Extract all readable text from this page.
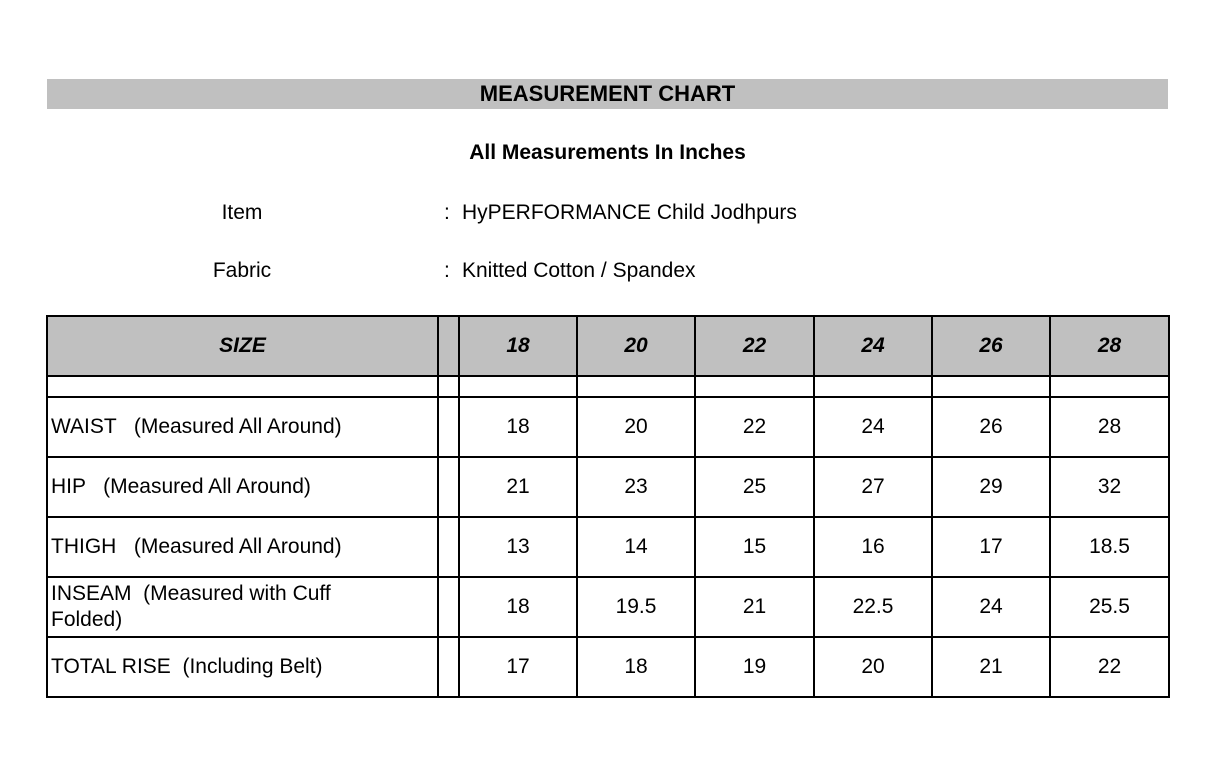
MEASUREMENT CHART
All Measurements In Inches
Item	: HyPERFORMANCE Child Jodhpurs
Fabric	: Knitted Cotton / Spandex
SIZE		18	20	22	24	26	28

WAIST   (Measured All Around)		18	20	22	24	26	28
HIP   (Measured All Around)		21	23	25	27	29	32
THIGH   (Measured All Around)		13	14	15	16	17	18.5
INSEAM  (Measured with Cuff Folded)		18	19.5	21	22.5	24	25.5
TOTAL RISE  (Including Belt)		17	18	19	20	21	22
